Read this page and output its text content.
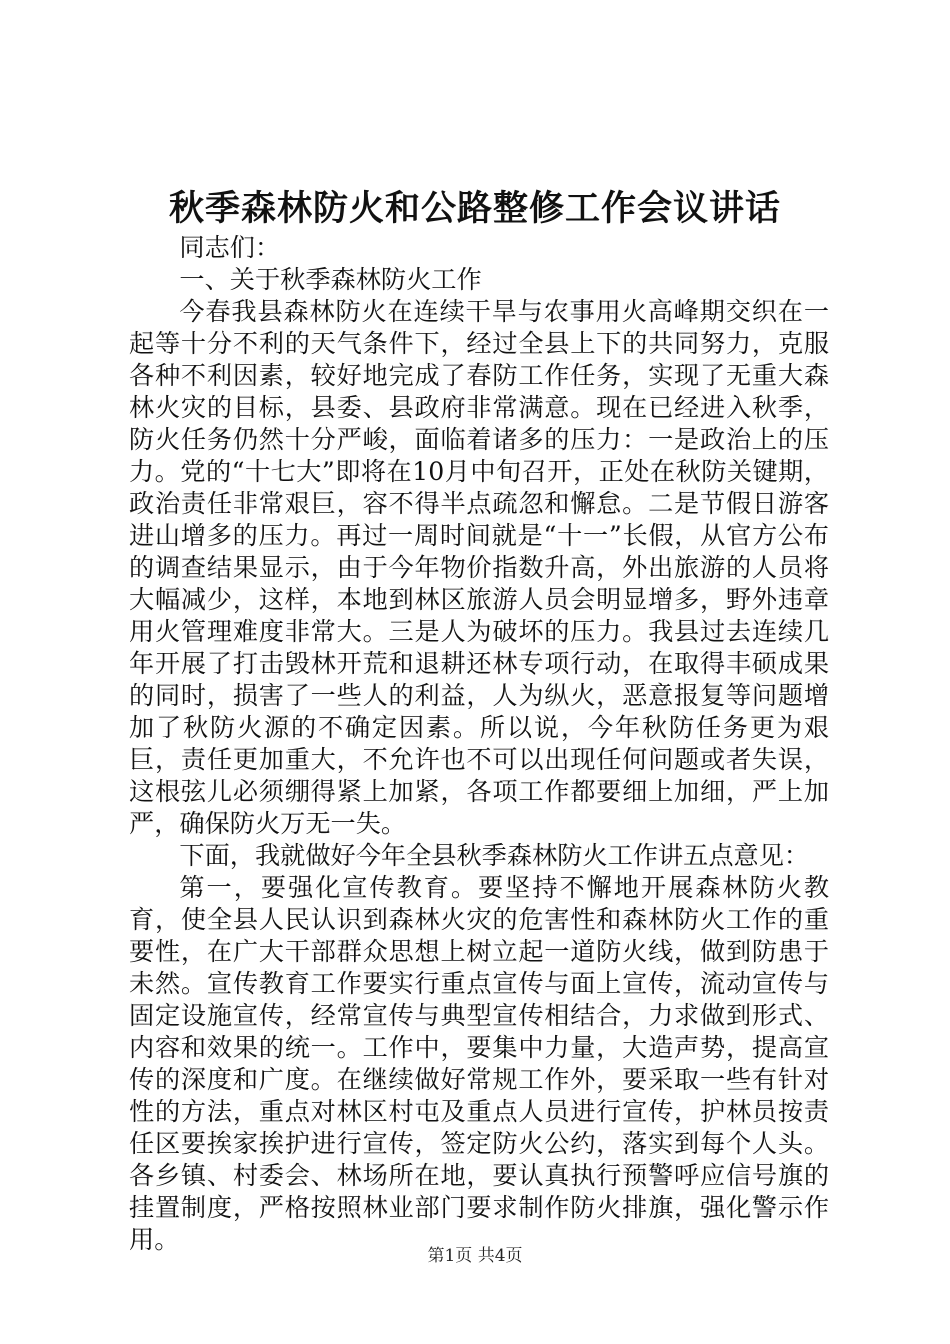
秋季森林防火和公路整修工作会议讲话

同志们：

一、关于秋季森林防火工作

今春我县森林防火在连续干旱与农事用火高峰期交织在一起等十分不利的天气条件下，经过全县上下的共同努力，克服各种不利因素，较好地完成了春防工作任务，实现了无重大森林火灾的目标，县委、县政府非常满意。现在已经进入秋季，防火任务仍然十分严峻，面临着诸多的压力：一是政治上的压力。党的“十七大”即将在10月中旬召开，正处在秋防关键期，政治责任非常艰巨，容不得半点疏忽和懈怠。二是节假日游客进山增多的压力。再过一周时间就是“十一”长假，从官方公布的调查结果显示，由于今年物价指数升高，外出旅游的人员将大幅减少，这样，本地到林区旅游人员会明显增多，野外违章用火管理难度非常大。三是人为破坏的压力。我县过去连续几年开展了打击毁林开荒和退耕还林专项行动，在取得丰硕成果的同时，损害了一些人的利益，人为纵火，恶意报复等问题增加了秋防火源的不确定因素。所以说，今年秋防任务更为艰巨，责任更加重大，不允许也不可以出现任何问题或者失误，这根弦儿必须绷得紧上加紧，各项工作都要细上加细，严上加严，确保防火万无一失。

下面，我就做好今年全县秋季森林防火工作讲五点意见：

第一，要强化宣传教育。要坚持不懈地开展森林防火教育，使全县人民认识到森林火灾的危害性和森林防火工作的重要性，在广大干部群众思想上树立起一道防火线，做到防患于未然。宣传教育工作要实行重点宣传与面上宣传，流动宣传与固定设施宣传，经常宣传与典型宣传相结合，力求做到形式、内容和效果的统一。工作中，要集中力量，大造声势，提高宣传的深度和广度。在继续做好常规工作外，要采取一些有针对性的方法，重点对林区村屯及重点人员进行宣传，护林员按责任区要挨家挨护进行宣传，签定防火公约，落实到每个人头。各乡镇、村委会、林场所在地，要认真执行预警呼应信号旗的挂置制度，严格按照林业部门要求制作防火排旗，强化警示作用。

第1页 共4页
